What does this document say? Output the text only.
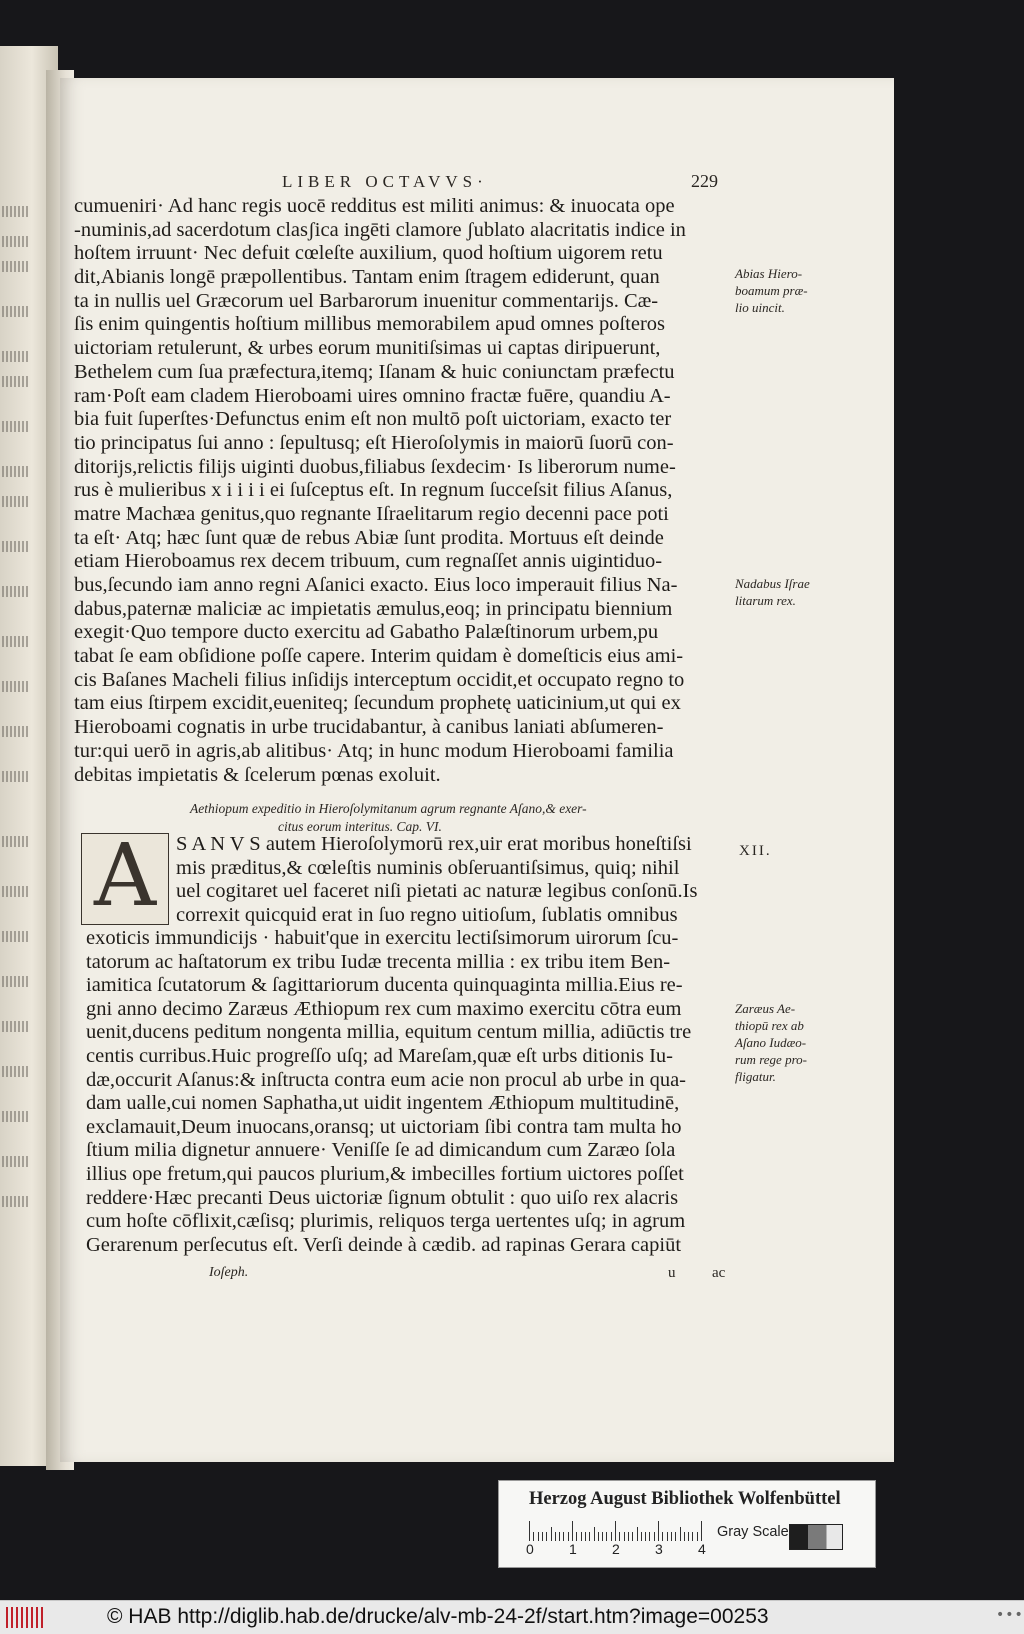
LIBER OCTAVVS·	229
cumueniri· Ad hanc regis uocē redditus est militi animus: & inuocata ope
-numinis,ad sacerdotum clasʃica ingēti clamore ʃublato alacritatis indice in
hoſtem irruunt· Nec defuit cœleſte auxilium, quod hoſtium uigorem retu
dit,Abianis longē præpollentibus. Tantam enim ſtragem ediderunt, quan
ta in nullis uel Græcorum uel Barbarorum inuenitur commentarijs. Cæ-
ſis enim quingentis hoſtium millibus memorabilem apud omnes poſteros
uictoriam retulerunt, & urbes eorum munitiſsimas ui captas diripuerunt,
Bethelem cum ſua præfectura,itemq; Iſanam & huic coniunctam præfectu
ram·Poſt eam cladem Hieroboami uires omnino fractæ fuēre, quandiu A-
bia fuit ſuperſtes·Defunctus enim eſt non multō poſt uictoriam, exacto ter
tio principatus ſui anno : ſepultusq; eſt Hieroſolymis in maiorū ſuorū con-
ditorijs,relictis filijs uiginti duobus,filiabus ſexdecim· Is liberorum nume-
rus è mulieribus x i i i i ei ſuſceptus eſt. In regnum ſucceſsit filius Aſanus,
matre Machæa genitus,quo regnante Iſraelitarum regio decenni pace poti
ta eſt· Atq; hæc ſunt quæ de rebus Abiæ ſunt prodita. Mortuus eſt deinde
etiam Hieroboamus rex decem tribuum, cum regnaſſet annis uigintiduo-
bus,ſecundo iam anno regni Aſanici exacto. Eius loco imperauit filius Na-
dabus,paternæ maliciæ ac impietatis æmulus,eoq; in principatu biennium
exegit·Quo tempore ducto exercitu ad Gabatho Palæſtinorum urbem,pu
tabat ſe eam obſidione poſſe capere. Interim quidam è domeſticis eius ami-
cis Baſanes Macheli filius inſidijs interceptum occidit,et occupato regno to
tam eius ſtirpem excidit,eueniteq; ſecundum prophetę uaticinium,ut qui ex
Hieroboami cognatis in urbe trucidabantur, à canibus laniati abſumeren-
tur:qui uerō in agris,ab alitibus· Atq; in hunc modum Hieroboami familia
debitas impietatis & ſcelerum pœnas exoluit.
Aethiopum expeditio in Hieroſolymitanum agrum regnante Aſano,& exer-
citus eorum interitus. Cap. VI.
A S A N V S autem Hieroſolymorū rex,uir erat moribus honeſtiſsi
mis præditus,& cœleſtis numinis obſeruantiſsimus, quiq; nihil
uel cogitaret uel faceret niſi pietati ac naturæ legibus conſonū.Is
correxit quicquid erat in ſuo regno uitioſum, ſublatis omnibus
exoticis immundicijs · habuit'que in exercitu lectiſsimorum uirorum ſcu-
tatorum ac haſtatorum ex tribu Iudæ trecenta millia : ex tribu item Ben-
iamitica ſcutatorum & ſagittariorum ducenta quinquaginta millia.Eius re-
gni anno decimo Zaræus Æthiopum rex cum maximo exercitu cōtra eum
uenit,ducens peditum nongenta millia, equitum centum millia, adiūctis tre
centis curribus.Huic progreſſo uſq; ad Mareſam,quæ eſt urbs ditionis Iu-
dæ,occurit Aſanus:& inſtructa contra eum acie non procul ab urbe in qua-
dam ualle,cui nomen Saphatha,ut uidit ingentem Æthiopum multitudinē,
exclamauit,Deum inuocans,oransq; ut uictoriam ſibi contra tam multa ho
ſtium milia dignetur annuere· Veniſſe ſe ad dimicandum cum Zaræo ſola
illius ope fretum,qui paucos plurium,& imbecilles fortium uictores poſſet
reddere·Hæc precanti Deus uictoriæ ſignum obtulit : quo uiſo rex alacris
cum hoſte cōflixit,cæſisq; plurimis, reliquos terga uertentes uſq; in agrum
Gerarenum perſecutus eſt. Verſi deinde à cædib. ad rapinas Gerara capiūt
Ioſeph.	u ac
Abias Hiero-
boamum præ-
lio uincit.
Nadabus Iſrae
litarum rex.
XII.
Zaræus Ae-
thiopū rex ab
Aſano Iudæo-
rum rege pro-
fligatur.
Herzog August Bibliothek Wolfenbüttel
0	1	2	3	4
Gray Scale
© HAB http://diglib.hab.de/drucke/alv-mb-24-2f/start.htm?image=00253	•••
